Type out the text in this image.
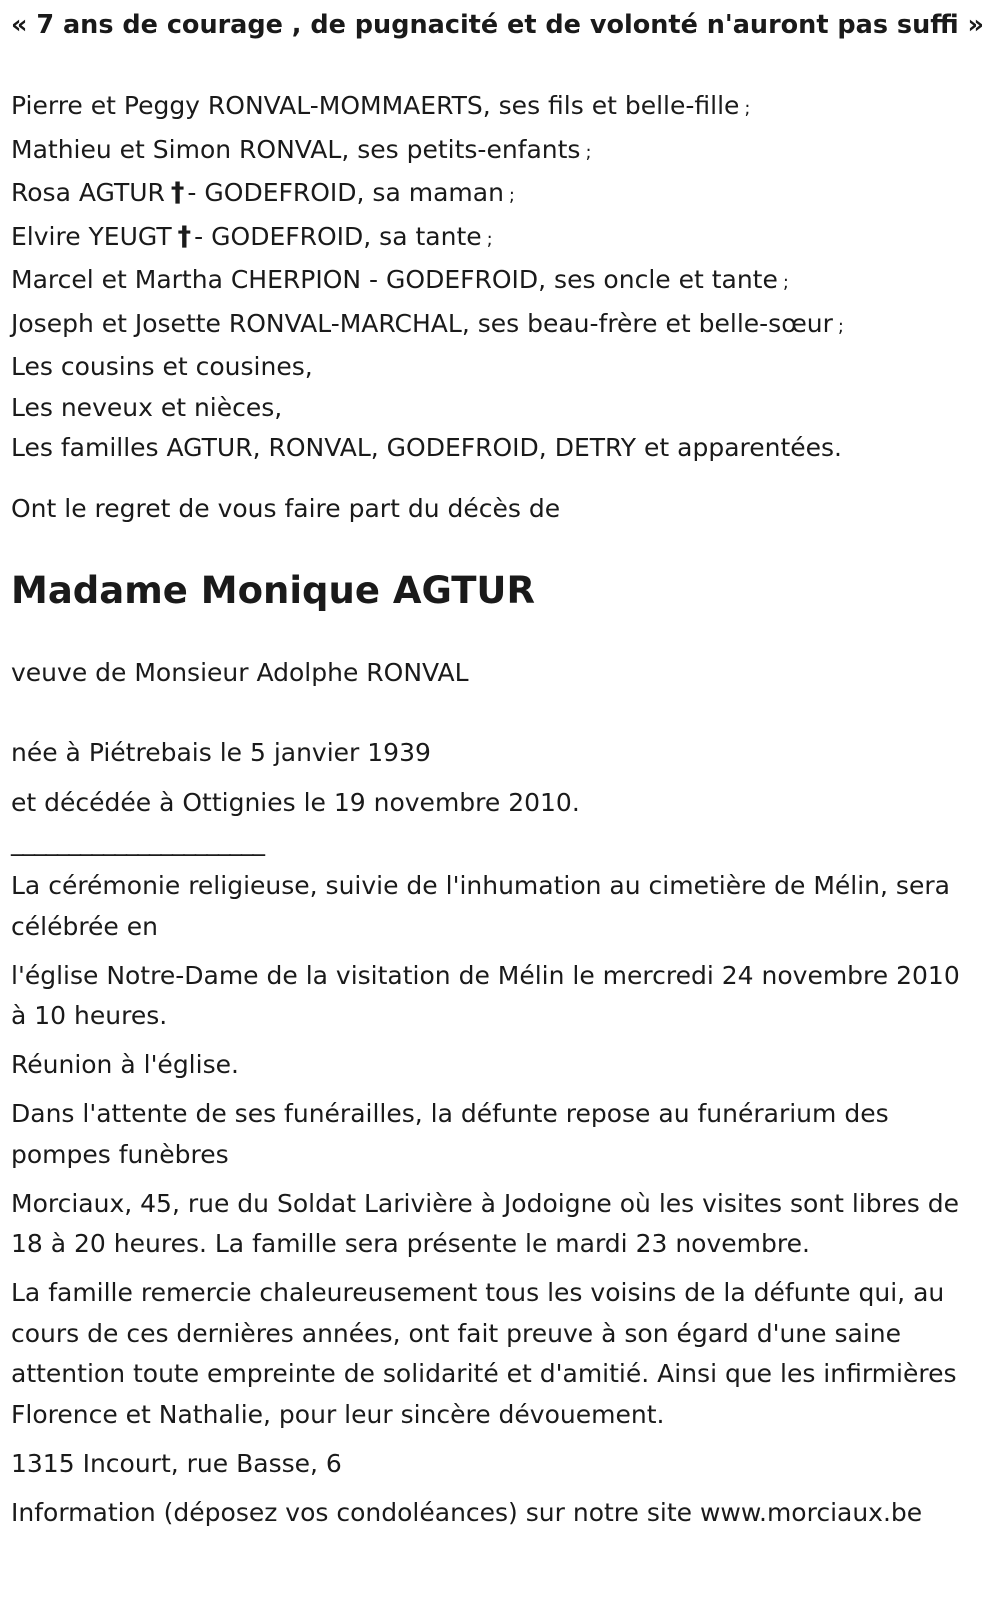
« 7 ans de courage , de pugnacité et de volonté n'auront pas suffi »
Pierre et Peggy RONVAL-MOMMAERTS, ses fils et belle-fille ;
Mathieu et Simon RONVAL, ses petits-enfants ;
Rosa AGTUR † - GODEFROID, sa maman ;
Elvire YEUGT † - GODEFROID, sa tante ;
Marcel et Martha CHERPION - GODEFROID, ses oncle et tante ;
Joseph et Josette RONVAL-MARCHAL, ses beau-frère et belle-sœur ;
Les cousins et cousines,
Les neveux et nièces,
Les familles AGTUR, RONVAL, GODEFROID, DETRY et apparentées.
Ont le regret de vous faire part du décès de
Madame Monique AGTUR
veuve de Monsieur Adolphe RONVAL
née à Piétrebais le 5 janvier 1939
et décédée à Ottignies le 19 novembre 2010.
______________________

La cérémonie religieuse, suivie de l'inhumation au cimetière de Mélin, sera célébrée en

l'église Notre-Dame de la visitation de Mélin le mercredi 24 novembre 2010 à 10 heures.

Réunion à l'église.

Dans l'attente de ses funérailles, la défunte repose au funérarium des pompes funèbres

Morciaux, 45, rue du Soldat Larivière à Jodoigne où les visites sont libres de 18 à 20 heures. La famille sera présente le mardi 23 novembre.

La famille remercie chaleureusement tous les voisins de la défunte qui, au cours de ces dernières années, ont fait preuve à son égard d'une saine attention toute empreinte de solidarité et d'amitié. Ainsi que les infirmières Florence et Nathalie, pour leur sincère dévouement.

1315 Incourt, rue Basse, 6

Information (déposez vos condoléances) sur notre site www.morciaux.be
